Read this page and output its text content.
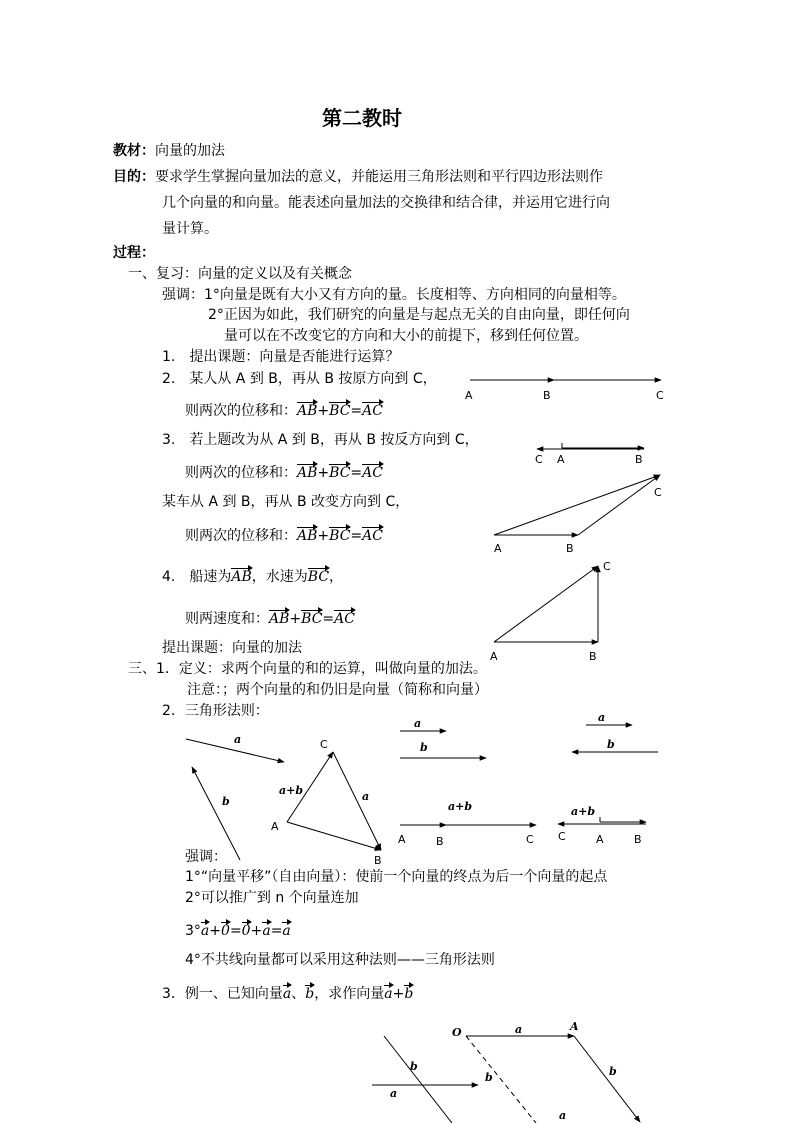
第二教时
教材：向量的加法
目的：要求学生掌握向量加法的意义，并能运用三角形法则和平行四边形法则作
几个向量的和向量。能表述向量加法的交换律和结合律，并运用它进行向
量计算。
过程：
一、复习：向量的定义以及有关概念
强调：1°向量是既有大小又有方向的量。长度相等、方向相同的向量相等。
2°正因为如此，我们研究的向量是与起点无关的自由向量，即任何向
量可以在不改变它的方向和大小的前提下，移到任何位置。
1.　提出课题：向量是否能进行运算？
2.　某人从 A 到 B，再从 B 按原方向到 C，
则两次的位移和：AB+BC=AC
3.　若上题改为从 A 到 B，再从 B 按反方向到 C，
则两次的位移和：AB+BC=AC
某车从 A 到 B，再从 B 改变方向到 C，
则两次的位移和：AB+BC=AC
4.　船速为AB，水速为BC，
则两速度和：AB+BC=AC
提出课题：向量的加法
三、1．定义：求两个向量的和的运算，叫做向量的加法。
注意：；两个向量的和仍旧是向量（简称和向量）
2．三角形法则：
强调：
1°“向量平移”（自由向量）：使前一个向量的终点为后一个向量的起点
2°可以推广到 n 个向量连加
3°a+0=0+a=a
4°不共线向量都可以采用这种法则——三角形法则
3．例一、已知向量a、b，求作向量a+b
A	B	C
C A	B
C
A	B
C
A	B
a
b
C
a+b	a
A
B
a
b
a+b
A	B	C
a
b
a+b
C	A	B
O	A
a
b
b	b
a
a
